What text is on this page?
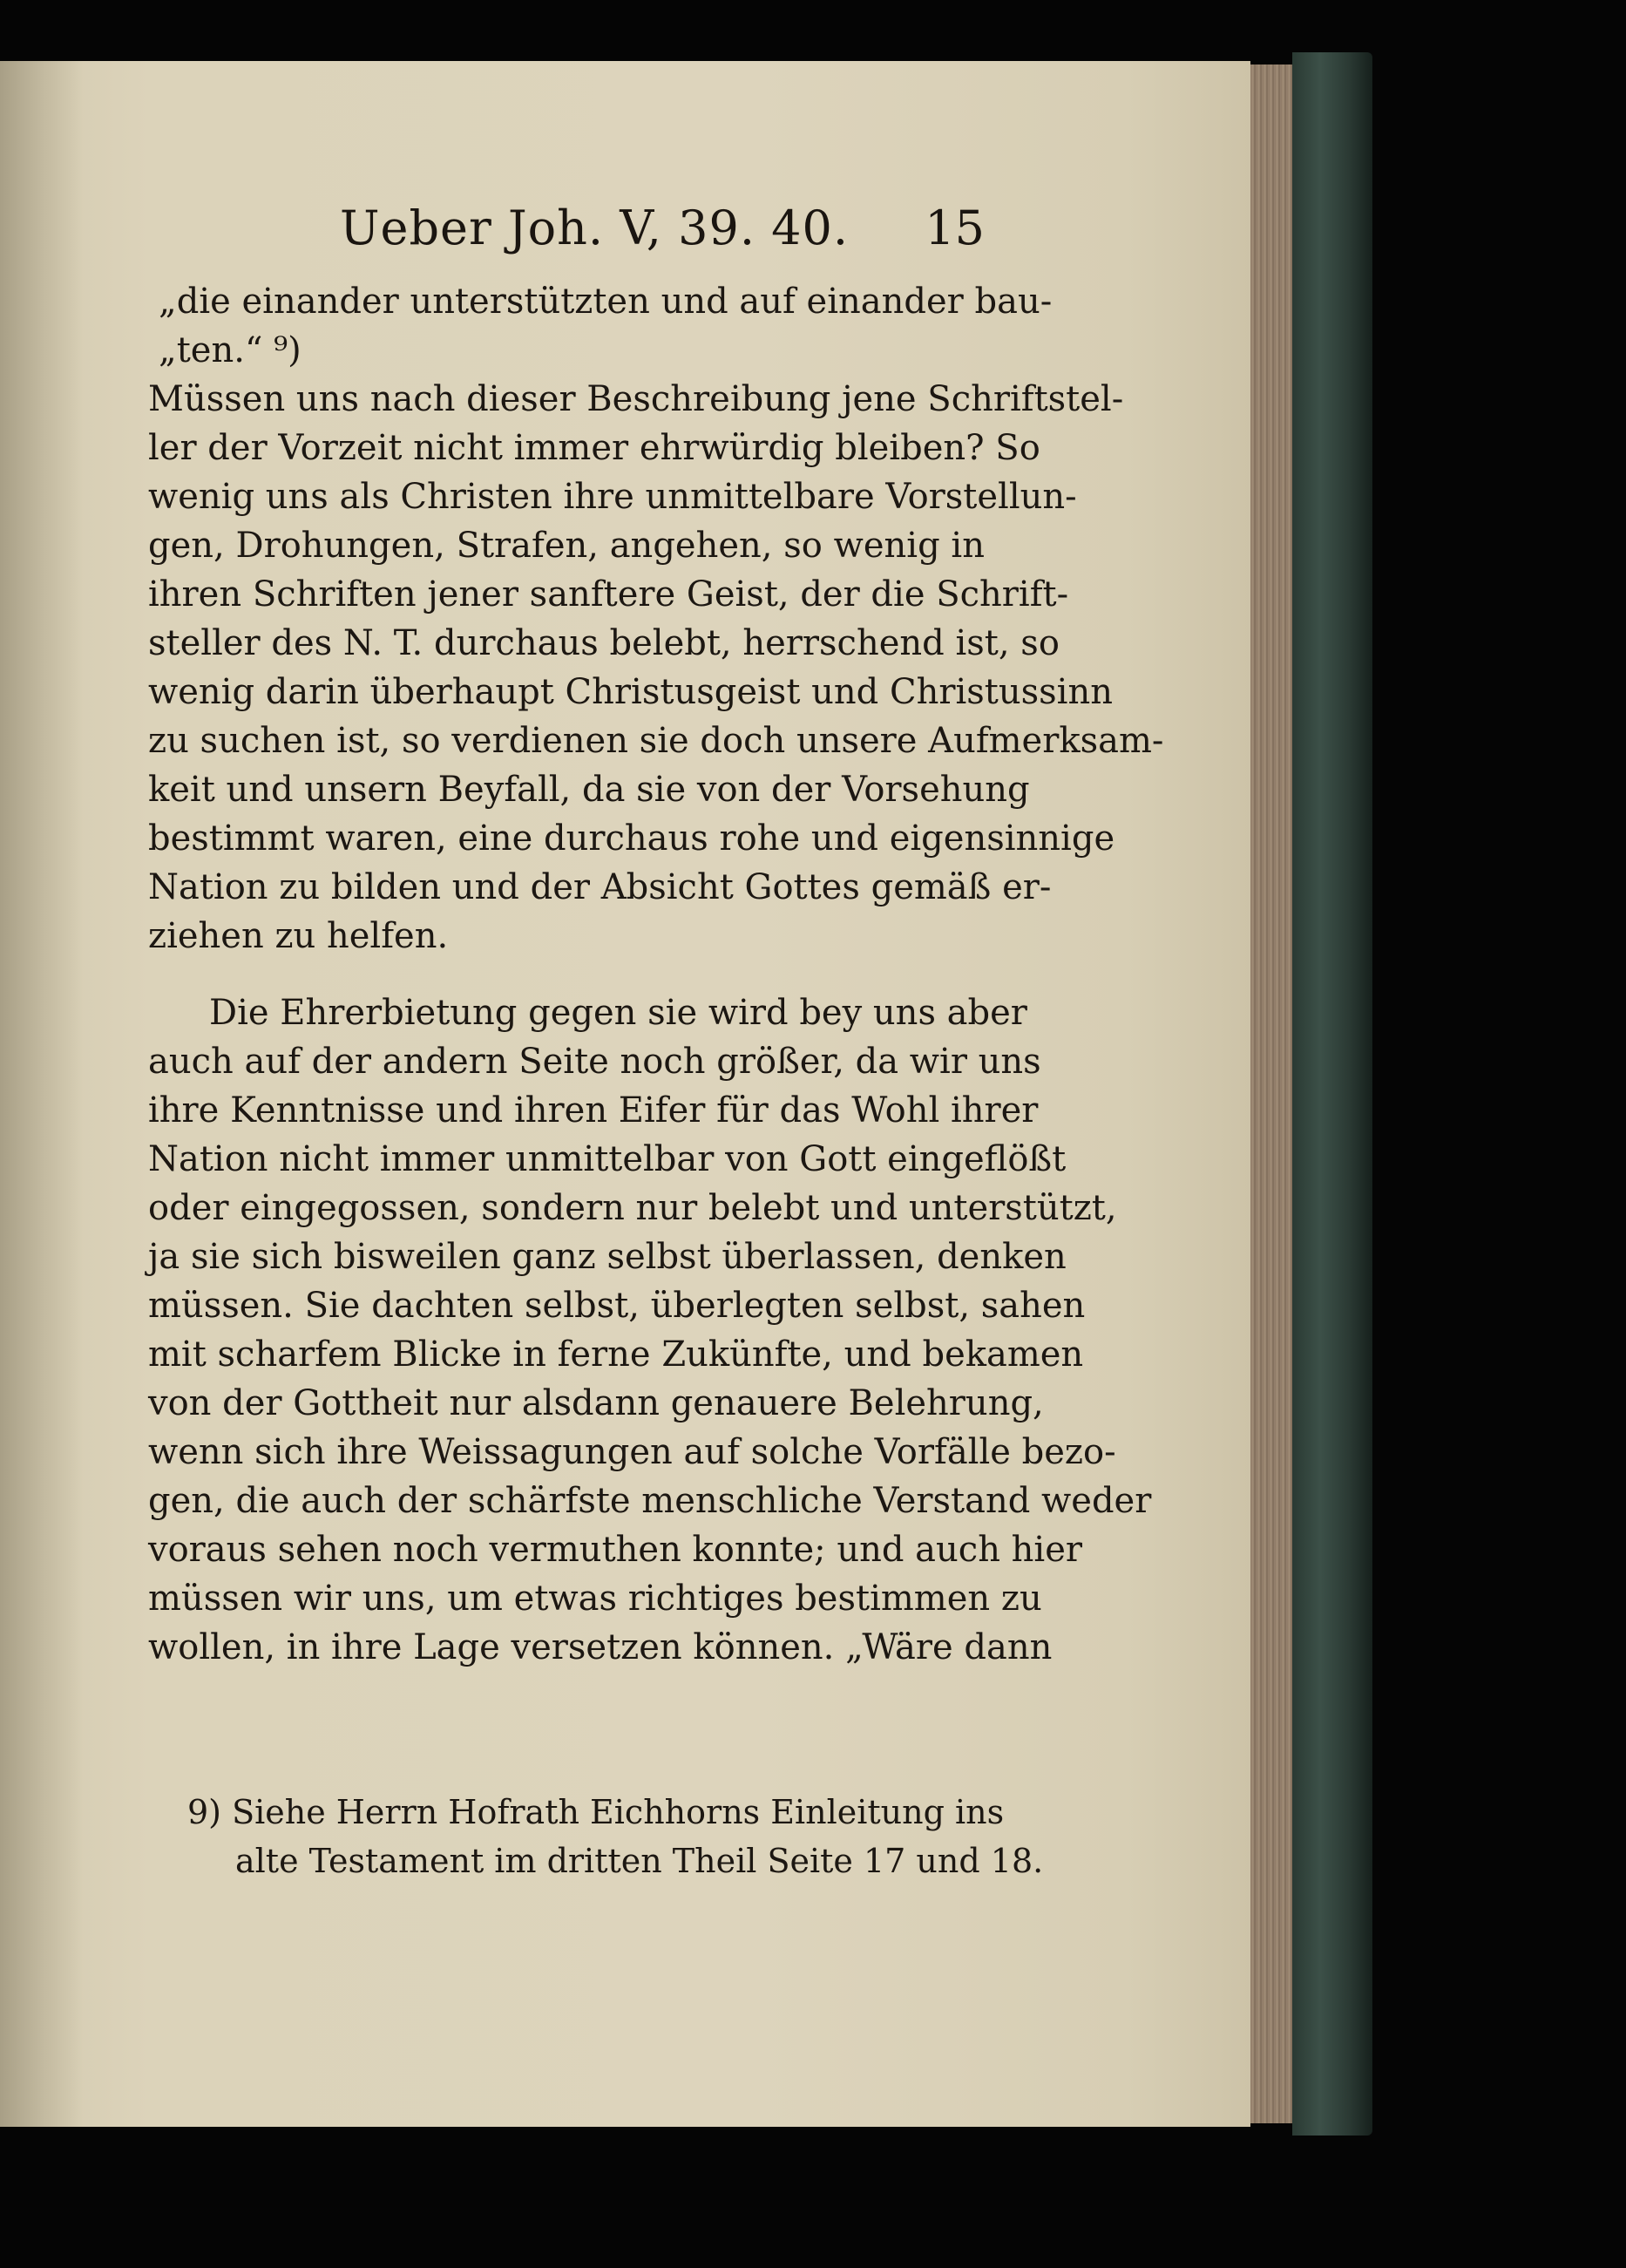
Ueber Joh. V, 39. 40. 15
„die einander unterstützten und auf einander bau-
„ten.“ ⁹)
Müssen uns nach dieser Beschreibung jene Schriftstel-
ler der Vorzeit nicht immer ehrwürdig bleiben? So
wenig uns als Christen ihre unmittelbare Vorstellun-
gen, Drohungen, Strafen, angehen, so wenig in
ihren Schriften jener sanftere Geist, der die Schrift-
steller des N. T. durchaus belebt, herrschend ist, so
wenig darin überhaupt Christusgeist und Christussinn
zu suchen ist, so verdienen sie doch unsere Aufmerksam-
keit und unsern Beyfall, da sie von der Vorsehung
bestimmt waren, eine durchaus rohe und eigensinnige
Nation zu bilden und der Absicht Gottes gemäß er-
ziehen zu helfen.
Die Ehrerbietung gegen sie wird bey uns aber
auch auf der andern Seite noch größer, da wir uns
ihre Kenntnisse und ihren Eifer für das Wohl ihrer
Nation nicht immer unmittelbar von Gott eingeflößt
oder eingegossen, sondern nur belebt und unterstützt,
ja sie sich bisweilen ganz selbst überlassen, denken
müssen. Sie dachten selbst, überlegten selbst, sahen
mit scharfem Blicke in ferne Zukünfte, und bekamen
von der Gottheit nur alsdann genauere Belehrung,
wenn sich ihre Weissagungen auf solche Vorfälle bezo-
gen, die auch der schärfste menschliche Verstand weder
voraus sehen noch vermuthen konnte; und auch hier
müssen wir uns, um etwas richtiges bestimmen zu
wollen, in ihre Lage versetzen können. „Wäre dann
9) Siehe Herrn Hofrath Eichhorns Einleitung ins
alte Testament im dritten Theil Seite 17 und 18.
